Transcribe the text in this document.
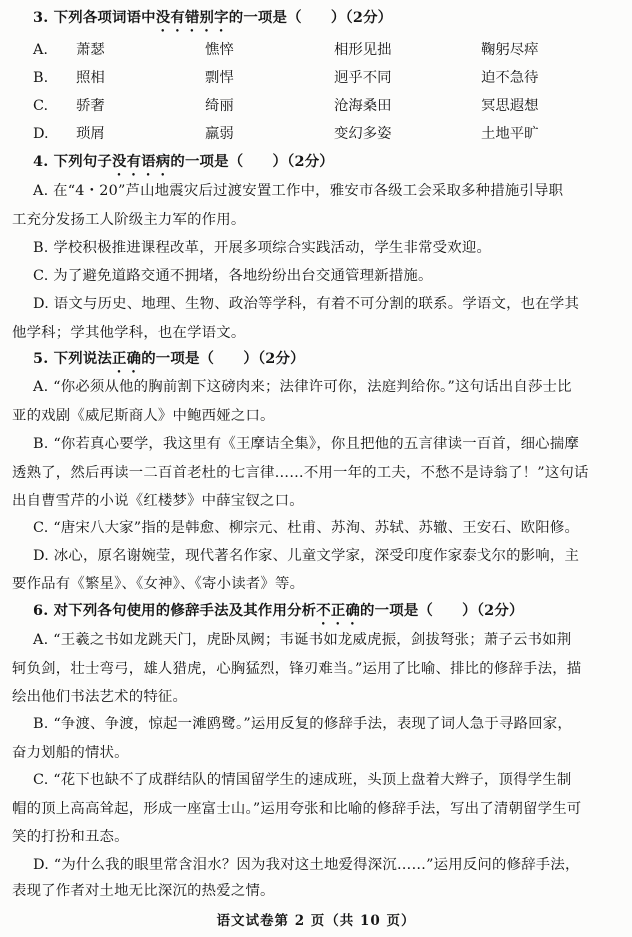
3. 下列各项词语中没有错别字的一项是（　　）（2分）
A. 萧瑟	憔悴	相形见拙	鞠躬尽瘁
B. 照相	剽悍	迥乎不同	迫不急待
C. 骄奢	绮丽	沧海桑田	冥思遐想
D. 琐屑	羸弱	变幻多姿	土地平旷
4. 下列句子没有语病的一项是（　　）（2分）
A. 在“4・20”芦山地震灾后过渡安置工作中，雅安市各级工会采取多种措施引导职
工充分发扬工人阶级主力军的作用。
B. 学校积极推进课程改革，开展多项综合实践活动，学生非常受欢迎。
C. 为了避免道路交通不拥堵，各地纷纷出台交通管理新措施。
D. 语文与历史、地理、生物、政治等学科，有着不可分割的联系。学语文，也在学其
他学科；学其他学科，也在学语文。
5. 下列说法正确的一项是（　　）（2分）
A. “你必须从他的胸前割下这磅肉来；法律许可你，法庭判给你。”这句话出自莎士比
亚的戏剧《威尼斯商人》中鲍西娅之口。
B. “你若真心要学，我这里有《王摩诘全集》，你且把他的五言律读一百首，细心揣摩
透熟了，然后再读一二百首老杜的七言律……不用一年的工夫，不愁不是诗翁了！”这句话
出自曹雪芹的小说《红楼梦》中薛宝钗之口。
C. “唐宋八大家”指的是韩愈、柳宗元、杜甫、苏洵、苏轼、苏辙、王安石、欧阳修。
D. 冰心，原名谢婉莹，现代著名作家、儿童文学家，深受印度作家泰戈尔的影响，主
要作品有《繁星》、《女神》、《寄小读者》等。
6. 对下列各句使用的修辞手法及其作用分析不正确的一项是（　　）（2分）
A. “王羲之书如龙跳天门，虎卧凤阙；韦诞书如龙威虎振，剑拔弩张；萧子云书如荆
轲负剑，壮士弯弓，雄人猎虎，心胸猛烈，锋刃难当。”运用了比喻、排比的修辞手法，描
绘出他们书法艺术的特征。
B. “争渡、争渡，惊起一滩鸥鹭。”运用反复的修辞手法，表现了词人急于寻路回家，
奋力划船的情状。
C. “花下也缺不了成群结队的情国留学生的速成班，头顶上盘着大辫子，顶得学生制
帽的顶上高高耸起，形成一座富士山。”运用夸张和比喻的修辞手法，写出了清朝留学生可
笑的打扮和丑态。
D. “为什么我的眼里常含泪水？因为我对这土地爱得深沉……”运用反问的修辞手法，
表现了作者对土地无比深沉的热爱之情。
语文试卷第 2 页（共 10 页）
